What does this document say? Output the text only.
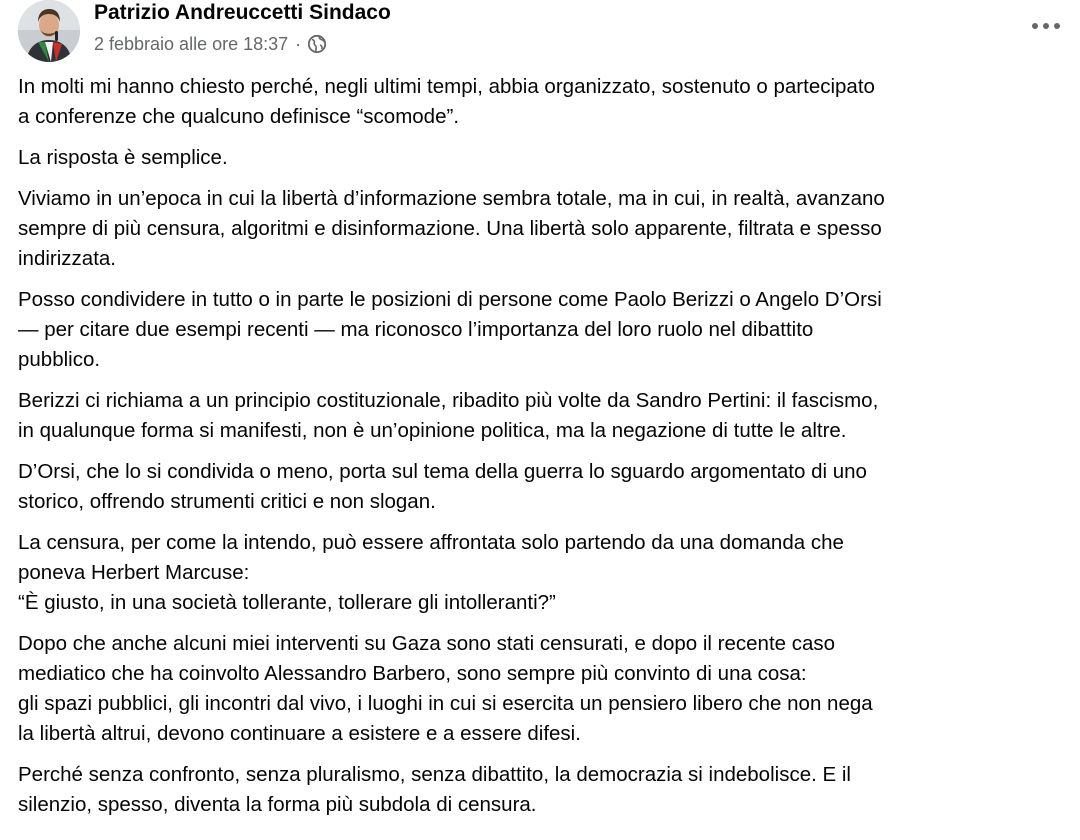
Patrizio Andreuccetti Sindaco
2 febbraio alle ore 18:37 ·

In molti mi hanno chiesto perché, negli ultimi tempi, abbia organizzato, sostenuto o partecipato
a conferenze che qualcuno definisce “scomode”.

La risposta è semplice.

Viviamo in un’epoca in cui la libertà d’informazione sembra totale, ma in cui, in realtà, avanzano
sempre di più censura, algoritmi e disinformazione. Una libertà solo apparente, filtrata e spesso
indirizzata.

Posso condividere in tutto o in parte le posizioni di persone come Paolo Berizzi o Angelo D’Orsi
— per citare due esempi recenti — ma riconosco l’importanza del loro ruolo nel dibattito
pubblico.

Berizzi ci richiama a un principio costituzionale, ribadito più volte da Sandro Pertini: il fascismo,
in qualunque forma si manifesti, non è un’opinione politica, ma la negazione di tutte le altre.

D’Orsi, che lo si condivida o meno, porta sul tema della guerra lo sguardo argomentato di uno
storico, offrendo strumenti critici e non slogan.

La censura, per come la intendo, può essere affrontata solo partendo da una domanda che
poneva Herbert Marcuse:
“È giusto, in una società tollerante, tollerare gli intolleranti?”

Dopo che anche alcuni miei interventi su Gaza sono stati censurati, e dopo il recente caso
mediatico che ha coinvolto Alessandro Barbero, sono sempre più convinto di una cosa:
gli spazi pubblici, gli incontri dal vivo, i luoghi in cui si esercita un pensiero libero che non nega
la libertà altrui, devono continuare a esistere e a essere difesi.

Perché senza confronto, senza pluralismo, senza dibattito, la democrazia si indebolisce. E il
silenzio, spesso, diventa la forma più subdola di censura.
